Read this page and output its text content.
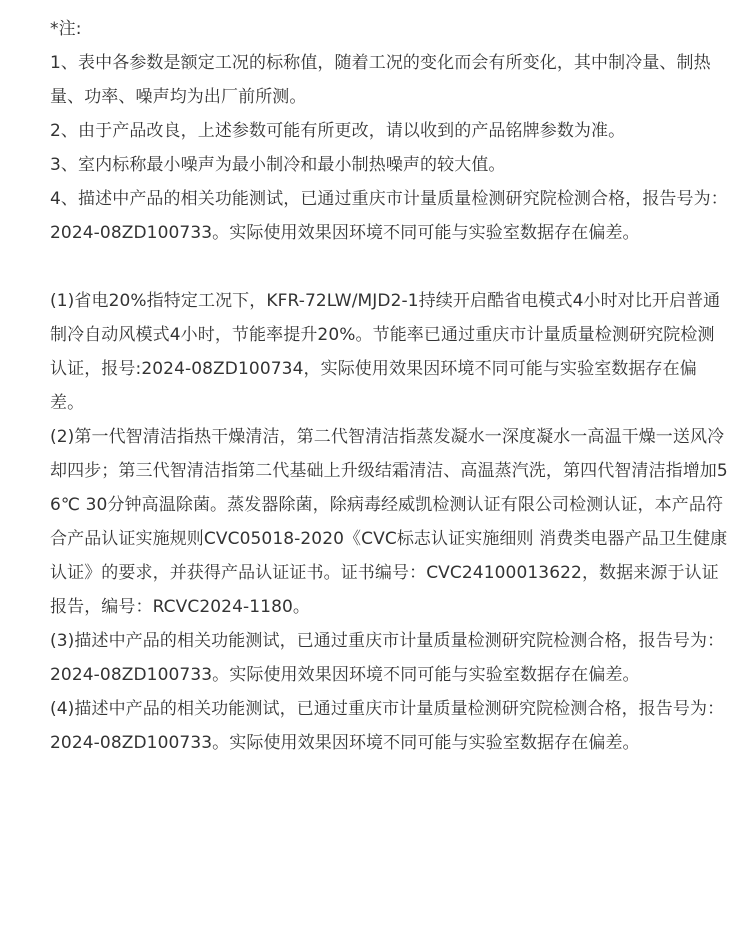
*注:

1、表中各参数是额定工况的标称值，随着工况的变化而会有所变化，其中制冷量、制热量、功率、噪声均为出厂前所测。

2、由于产品改良，上述参数可能有所更改，请以收到的产品铭牌参数为准。

3、室内标称最小噪声为最小制冷和最小制热噪声的较大值。

4、描述中产品的相关功能测试，已通过重庆市计量质量检测研究院检测合格，报告号为：2024-08ZD100733。实际使用效果因环境不同可能与实验室数据存在偏差。

(1)省电20%指特定工况下，KFR-72LW/MJD2-1持续开启酷省电模式4小时对比开启普通制冷自动风模式4小时，节能率提升20%。节能率已通过重庆市计量质量检测研究院检测认证，报号:2024-08ZD100734，实际使用效果因环境不同可能与实验室数据存在偏差。

(2)第一代智清洁指热干燥清洁，第二代智清洁指蒸发凝水一深度凝水一高温干燥一送风冷却四步；第三代智清洁指第二代基础上升级结霜清洁、高温蒸汽洗，第四代智清洁指增加56℃ 30分钟高温除菌。蒸发器除菌，除病毒经威凯检测认证有限公司检测认证，本产品符合产品认证实施规则CVC05018-2020《CVC标志认证实施细则 消费类电器产品卫生健康认证》的要求，并获得产品认证证书。证书编号：CVC24100013622，数据来源于认证报告，编号：RCVC2024-1180。

(3)描述中产品的相关功能测试，已通过重庆市计量质量检测研究院检测合格，报告号为：2024-08ZD100733。实际使用效果因环境不同可能与实验室数据存在偏差。

(4)描述中产品的相关功能测试，已通过重庆市计量质量检测研究院检测合格，报告号为：2024-08ZD100733。实际使用效果因环境不同可能与实验室数据存在偏差。
